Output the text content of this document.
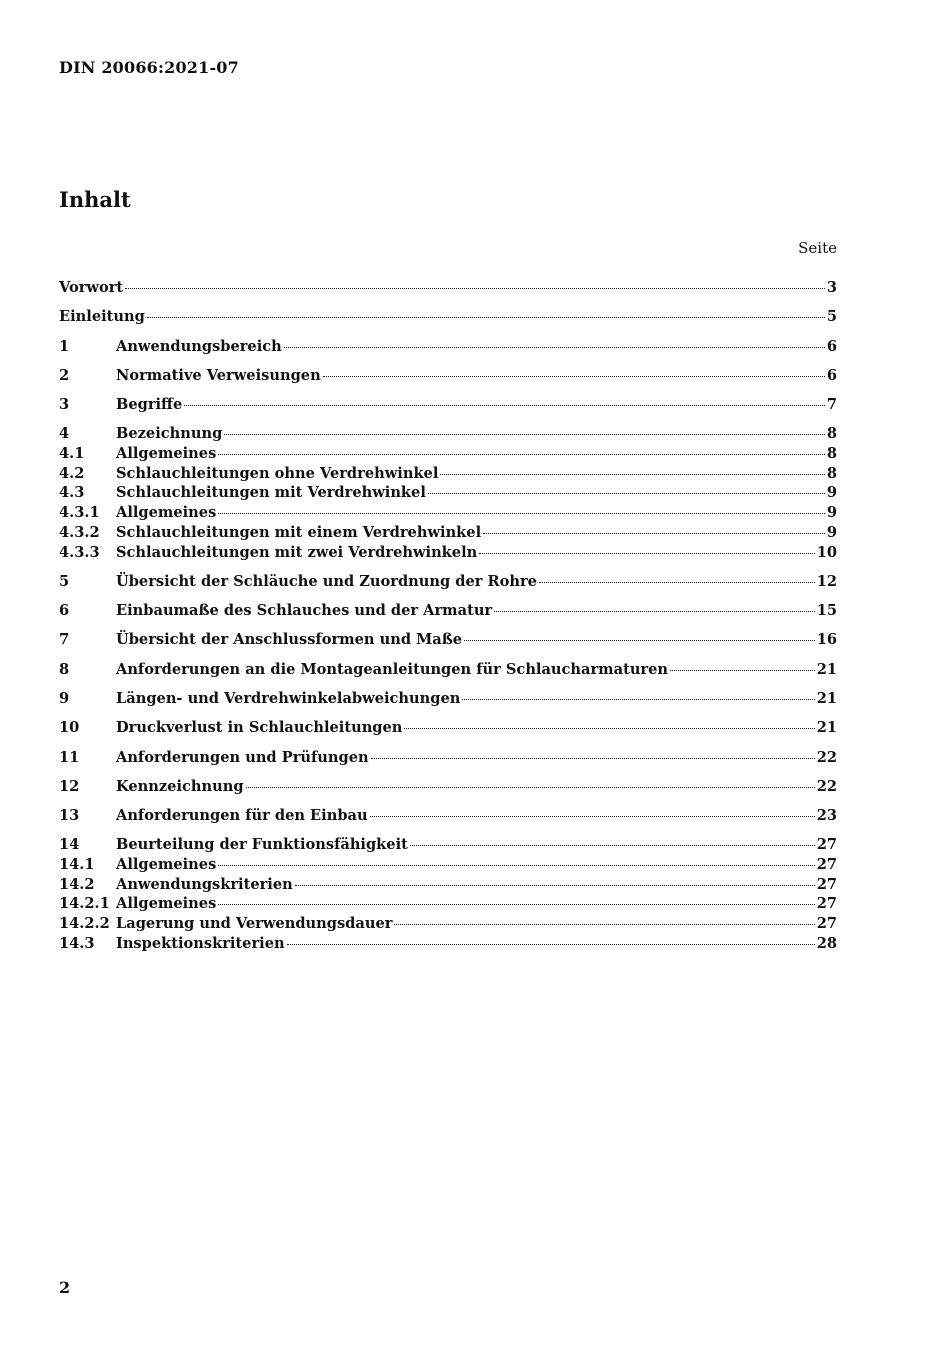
DIN 20066:2021-07
Inhalt
Seite
Vorwort	3
Einleitung	5
1	Anwendungsbereich	6
2	Normative Verweisungen	6
3	Begriffe	7
4	Bezeichnung	8
4.1	Allgemeines	8
4.2	Schlauchleitungen ohne Verdrehwinkel	8
4.3	Schlauchleitungen mit Verdrehwinkel	9
4.3.1	Allgemeines	9
4.3.2	Schlauchleitungen mit einem Verdrehwinkel	9
4.3.3	Schlauchleitungen mit zwei Verdrehwinkeln	10
5	Übersicht der Schläuche und Zuordnung der Rohre	12
6	Einbaumaße des Schlauches und der Armatur	15
7	Übersicht der Anschlussformen und Maße	16
8	Anforderungen an die Montageanleitungen für Schlaucharmaturen	21
9	Längen- und Verdrehwinkelabweichungen	21
10	Druckverlust in Schlauchleitungen	21
11	Anforderungen und Prüfungen	22
12	Kennzeichnung	22
13	Anforderungen für den Einbau	23
14	Beurteilung der Funktionsfähigkeit	27
14.1	Allgemeines	27
14.2	Anwendungskriterien	27
14.2.1 Allgemeines	27
14.2.2 Lagerung und Verwendungsdauer	27
14.3	Inspektionskriterien	28
2
